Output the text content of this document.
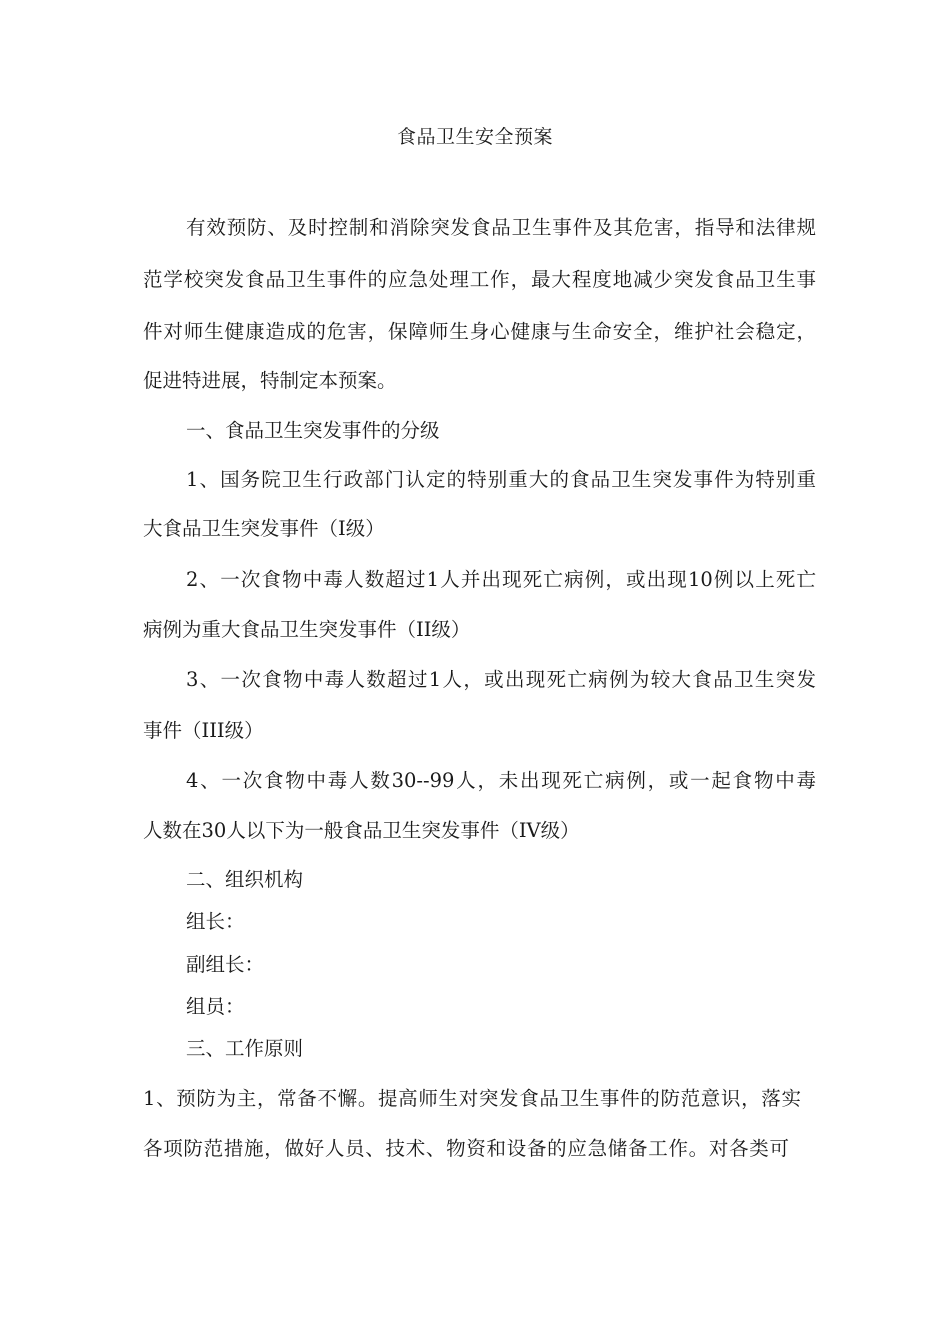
食品卫生安全预案
有效预防、及时控制和消除突发食品卫生事件及其危害，指导和法律规
范学校突发食品卫生事件的应急处理工作，最大程度地减少突发食品卫生事
件对师生健康造成的危害，保障师生身心健康与生命安全，维护社会稳定，
促进特进展，特制定本预案。
一、食品卫生突发事件的分级
1、国务院卫生行政部门认定的特别重大的食品卫生突发事件为特别重
大食品卫生突发事件（I级）
2、一次食物中毒人数超过1人并出现死亡病例，或出现10例以上死亡
病例为重大食品卫生突发事件（II级）
3、一次食物中毒人数超过1人，或出现死亡病例为较大食品卫生突发
事件（III级）
4、一次食物中毒人数30--99人，未出现死亡病例，或一起食物中毒
人数在30人以下为一般食品卫生突发事件（IV级）
二、组织机构
组长：
副组长：
组员：
三、工作原则
1、预防为主，常备不懈。提高师生对突发食品卫生事件的防范意识，落实
各项防范措施，做好人员、技术、物资和设备的应急储备工作。对各类可
